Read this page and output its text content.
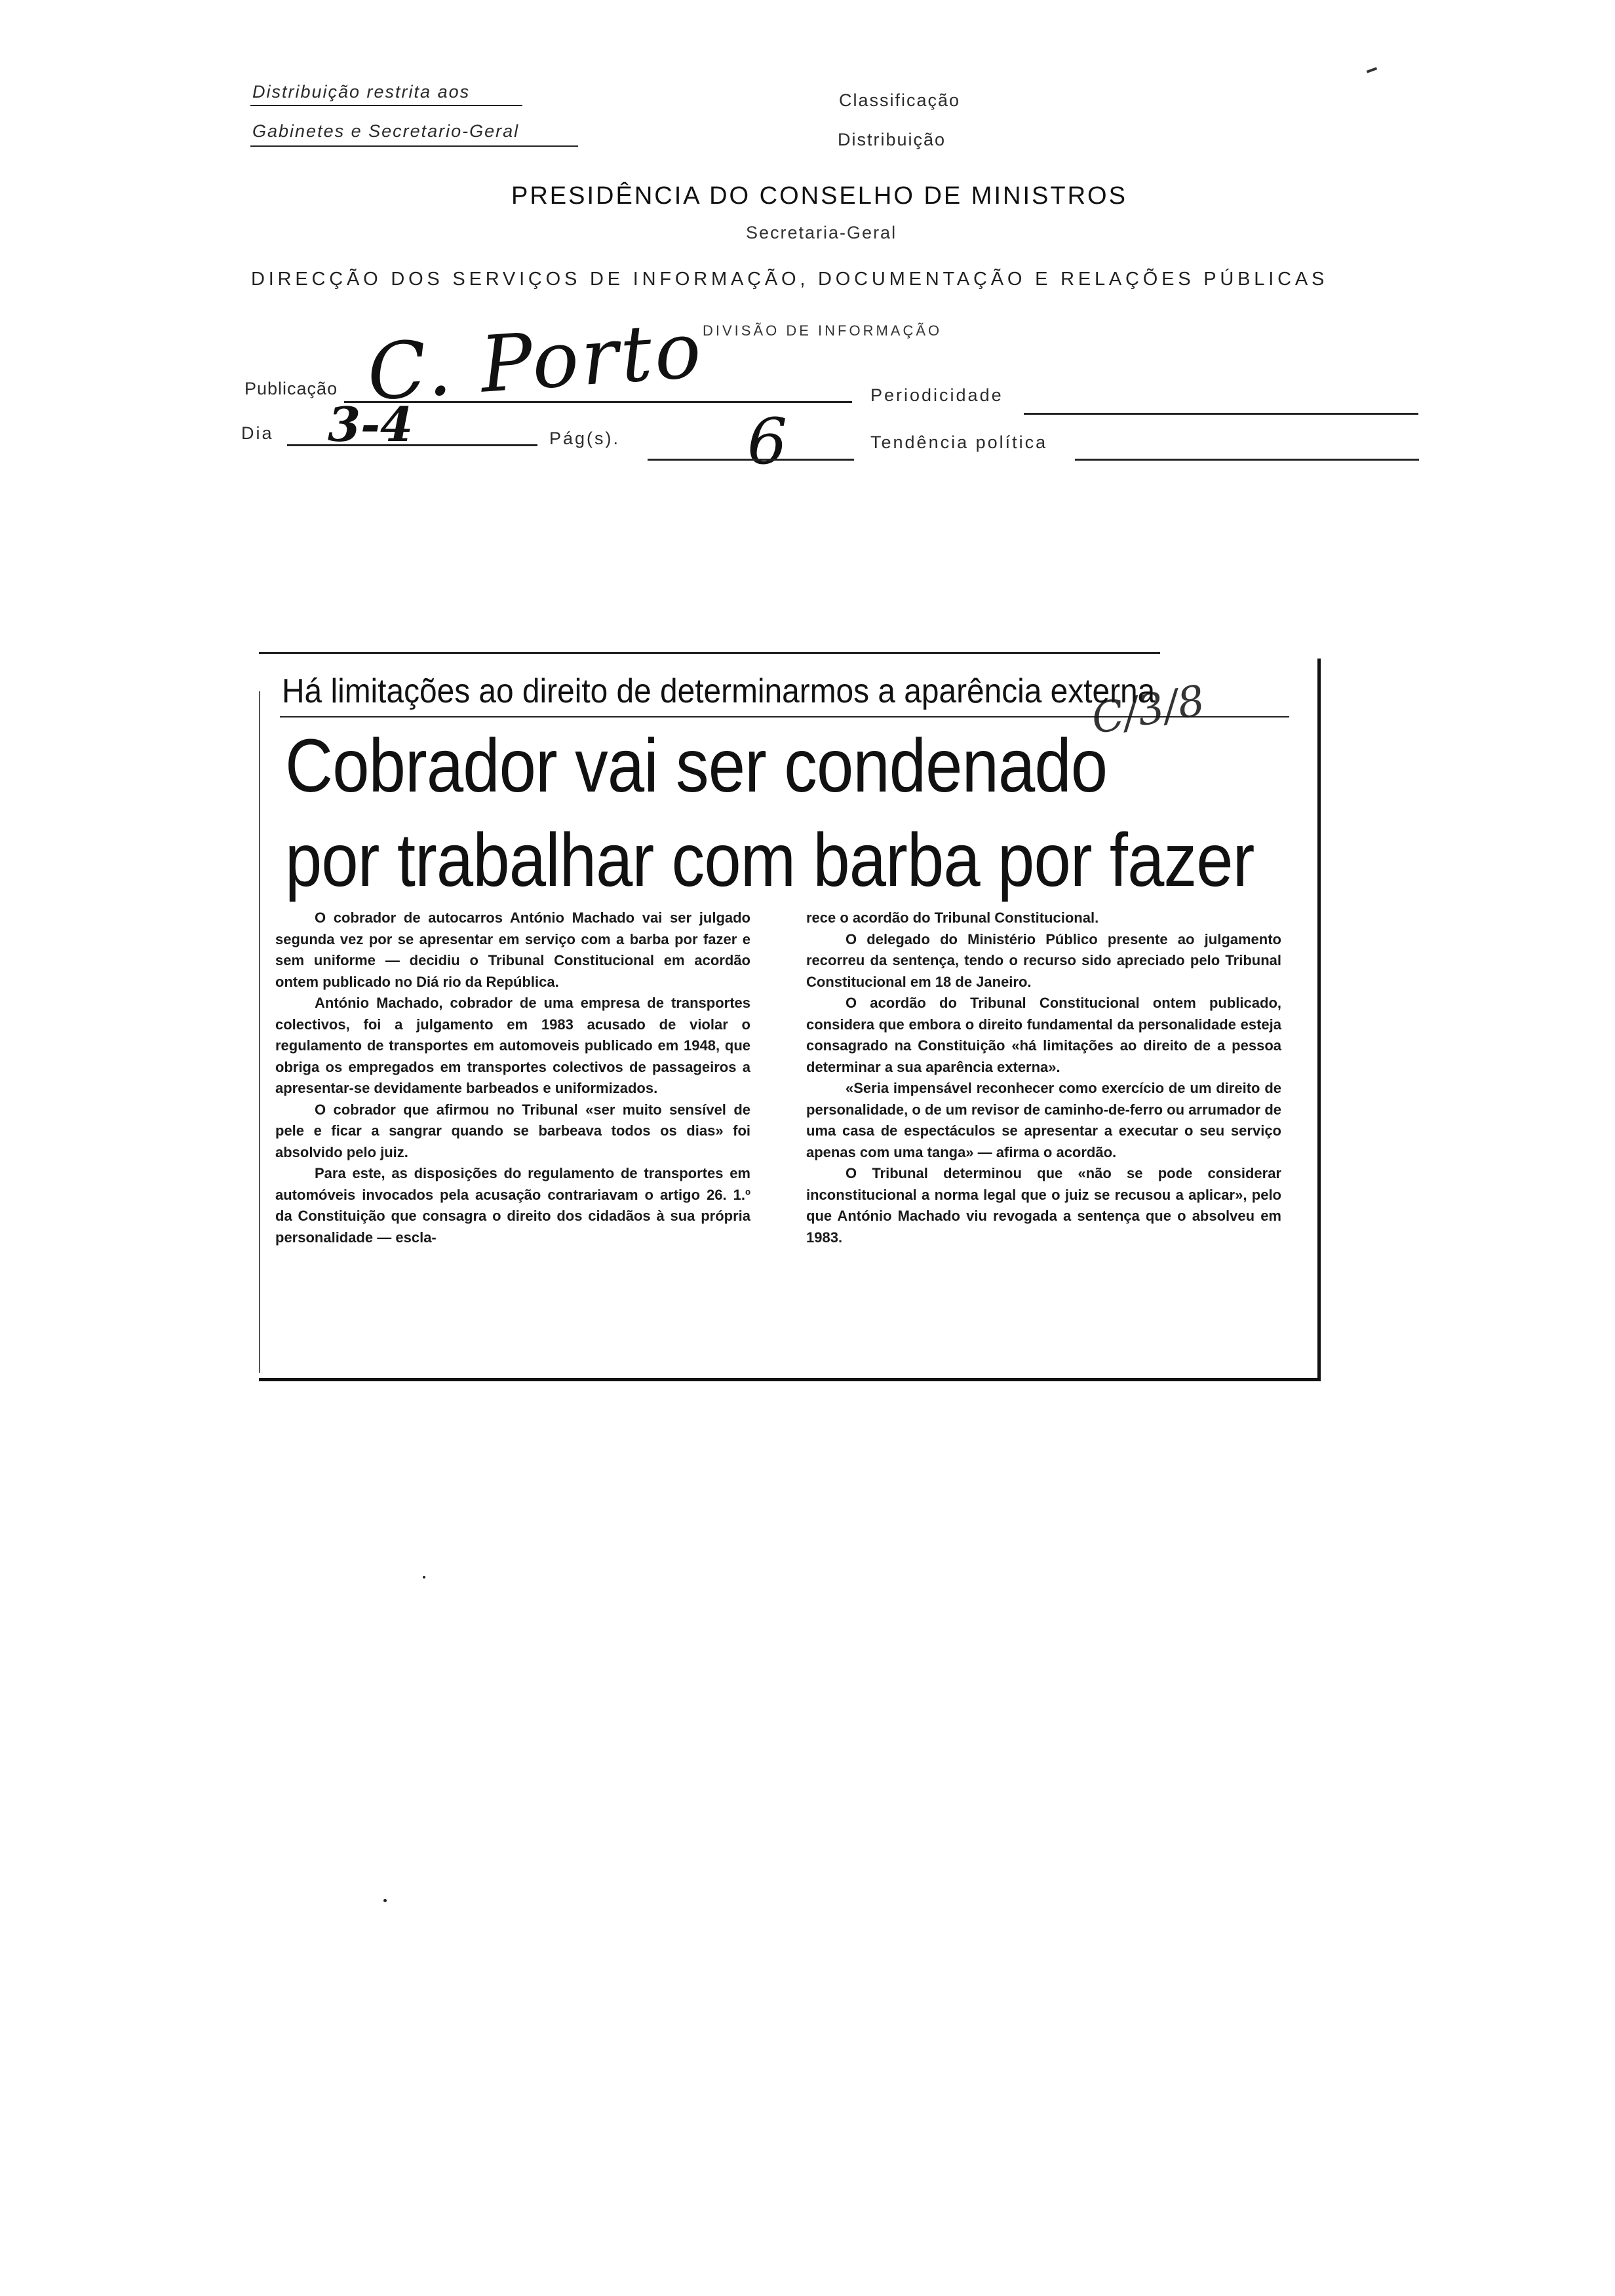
Distribuição restrita aos
Gabinetes e Secretario-Geral
Classificação
Distribuição
PRESIDÊNCIA DO CONSELHO DE MINISTROS
Secretaria-Geral
DIRECÇÃO DOS SERVIÇOS DE INFORMAÇÃO, DOCUMENTAÇÃO E RELAÇÕES PÚBLICAS
DIVISÃO DE INFORMAÇÃO
Publicação C. Porto	Periodicidade
Dia 3-4	Pág(s). 6	Tendência política
Há limitações ao direito de determinarmos a aparência externa
Cobrador vai ser condenado
por trabalhar com barba por fazer
C/3/8

O cobrador de autocarros António Machado vai ser julgado segunda vez por se apresentar em serviço com a barba por fazer e sem uniforme — decidiu o Tribunal Constitucional em acordão ontem publicado no Diá rio da República.

António Machado, cobrador de uma empresa de transportes colectivos, foi a julgamento em 1983 acusado de violar o regulamento de transportes em automoveis publicado em 1948, que obriga os empregados em transportes colectivos de passageiros a apresentar-se devidamente barbeados e uniformizados.

O cobrador que afirmou no Tribunal «ser muito sensível de pele e ficar a sangrar quando se barbeava todos os dias» foi absolvido pelo juiz.

Para este, as disposições do regulamento de transportes em automóveis invocados pela acusação contrariavam o artigo 26. 1.º da Constituição que consagra o direito dos cidadãos à sua própria personalidade — escla-

rece o acordão do Tribunal Constitucional.

O delegado do Ministério Público presente ao julgamento recorreu da sentença, tendo o recurso sido apreciado pelo Tribunal Constitucional em 18 de Janeiro.

O acordão do Tribunal Constitucional ontem publicado, considera que embora o direito fundamental da personalidade esteja consagrado na Constituição «há limitações ao direito de a pessoa determinar a sua aparência externa».

«Seria impensável reconhecer como exercício de um direito de personalidade, o de um revisor de caminho-de-ferro ou arrumador de uma casa de espectáculos se apresentar a executar o seu serviço apenas com uma tanga» — afirma o acordão.

O Tribunal determinou que «não se pode considerar inconstitucional a norma legal que o juiz se recusou a aplicar», pelo que António Machado viu revogada a sentença que o absolveu em 1983.
